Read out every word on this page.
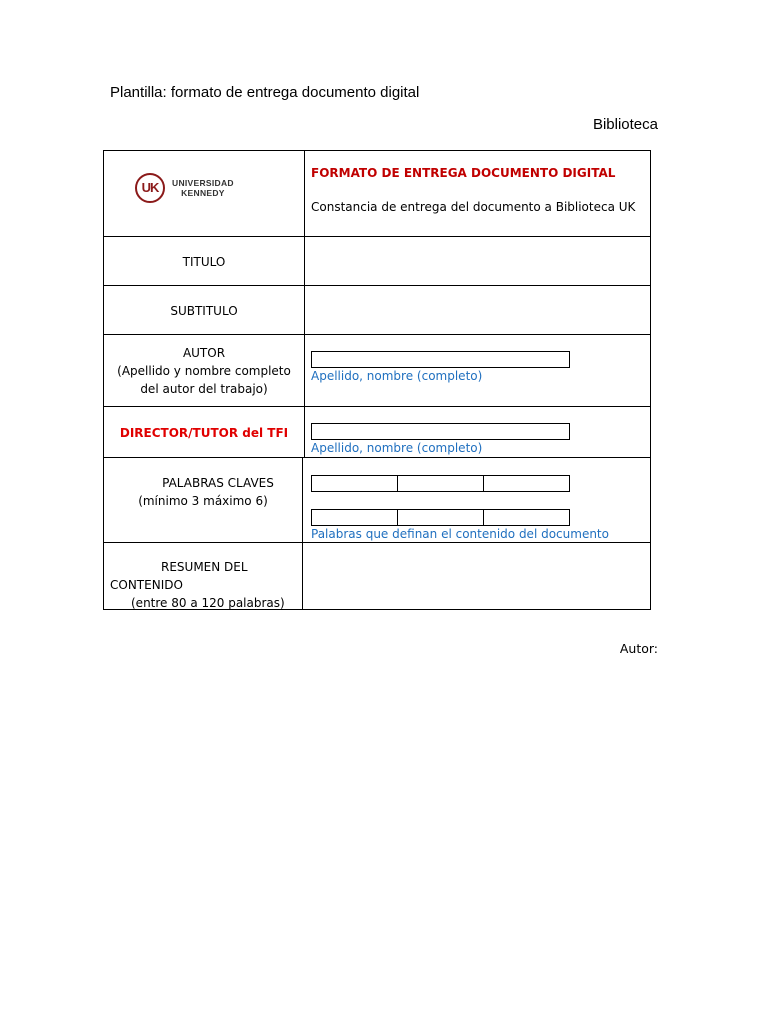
Plantilla: formato de entrega documento digital
Biblioteca
UK	UNIVERSIDAD
KENNEDY
FORMATO DE ENTREGA DOCUMENTO DIGITAL
Constancia de entrega del documento a Biblioteca UK
TITULO
SUBTITULO
AUTOR
(Apellido y nombre completo
del autor del trabajo)
Apellido, nombre (completo)
DIRECTOR/TUTOR del TFI
Apellido, nombre (completo)
PALABRAS CLAVES
(mínimo 3 máximo 6)
Palabras que definan el contenido del documento
RESUMEN DEL
CONTENIDO
(entre 80 a 120 palabras)
Autor:
